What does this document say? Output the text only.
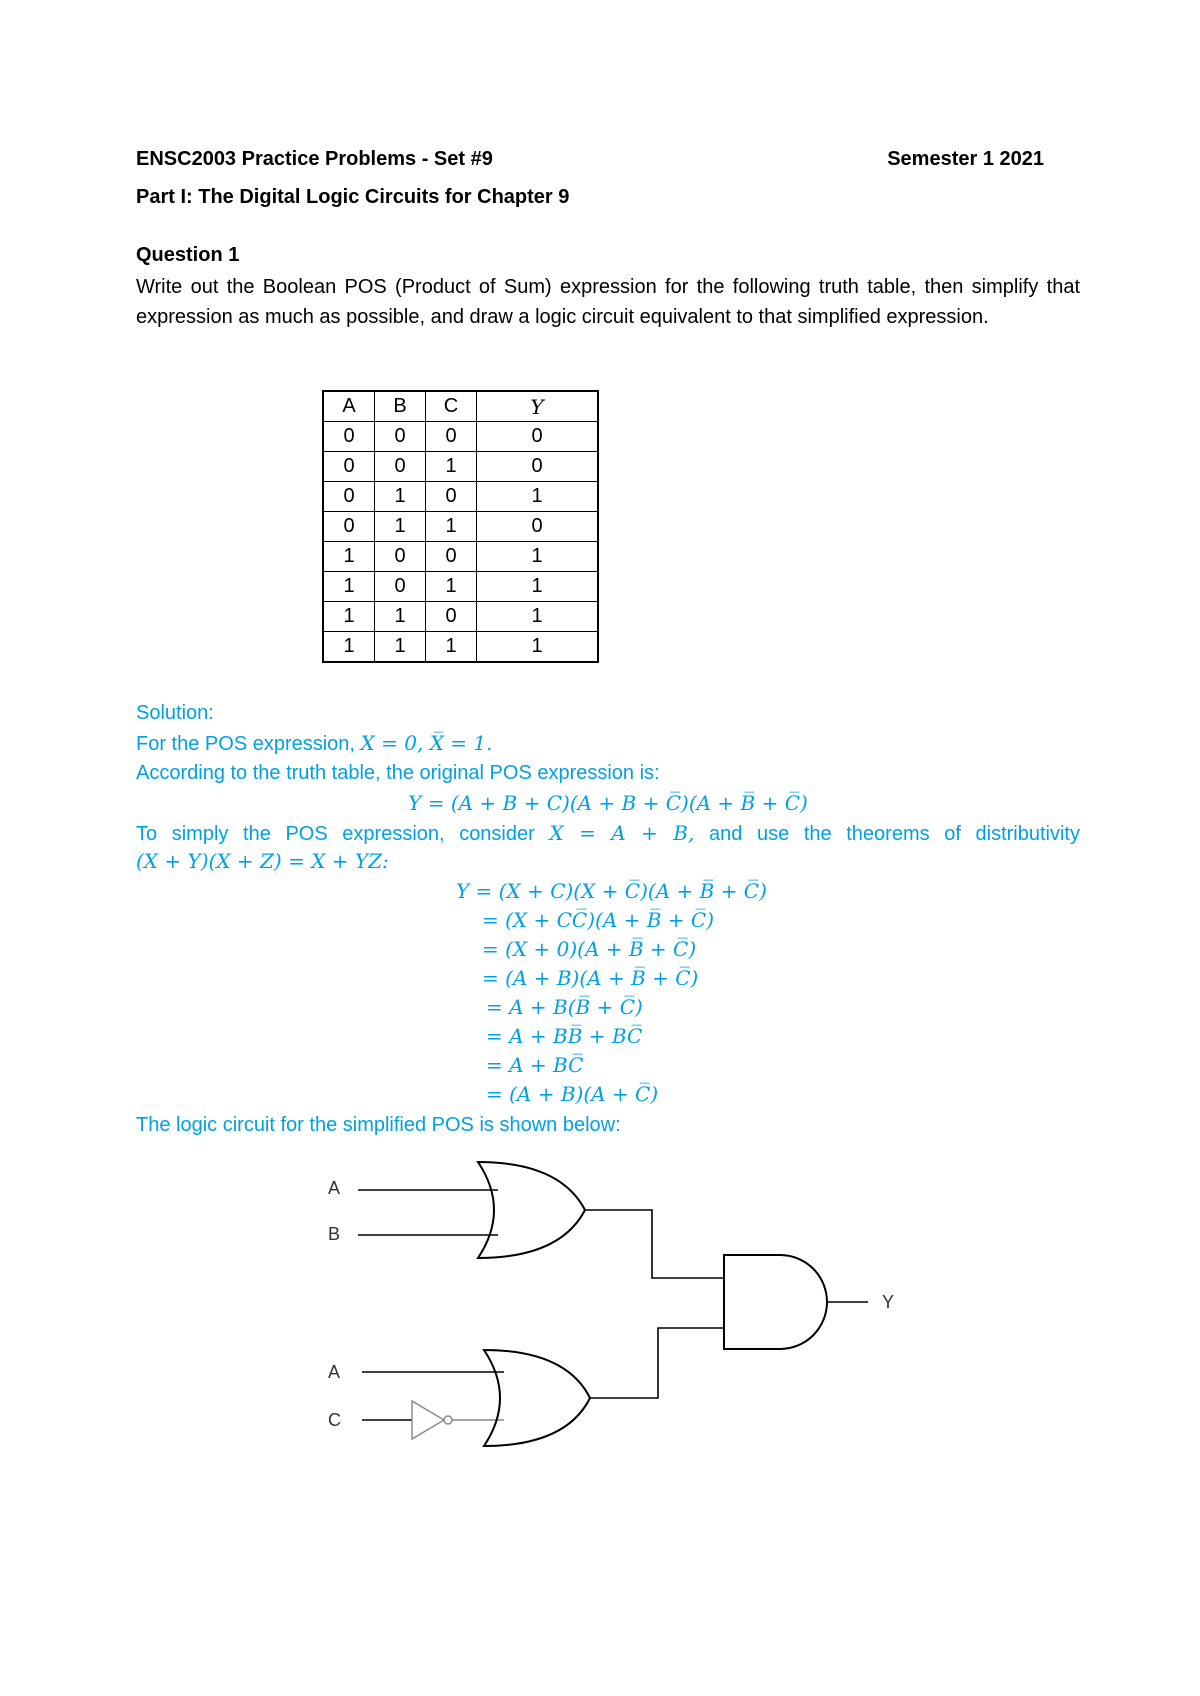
ENSC2003 Practice Problems - Set #9	Semester 1 2021
Part I: The Digital Logic Circuits for Chapter 9
Question 1
Write out the Boolean POS (Product of Sum) expression for the following truth table, then simplify that expression as much as possible, and draw a logic circuit equivalent to that simplified expression.
A	B	C	Y
0	0	0	0
0	0	1	0
0	1	0	1
0	1	1	0
1	0	0	1
1	0	1	1
1	1	0	1
1	1	1	1
Solution:
For the POS expression, X = 0, X̅ = 1.
According to the truth table, the original POS expression is:
Y = (A + B + C)(A + B + C̅)(A + B̅ + C̅)
To simply the POS expression, consider X = A + B, and use the theorems of distributivity
(X + Y)(X + Z) = X + YZ:
Y = (X + C)(X + C̅)(A + B̅ + C̅)
= (X + CC̅)(A + B̅ + C̅)
= (X + 0)(A + B̅ + C̅)
= (A + B)(A + B̅ + C̅)
= A + B(B̅ + C̅)
= A + BB̅ + BC̅
= A + BC̅
= (A + B)(A + C̅)
The logic circuit for the simplified POS is shown below:
A
B
A
C
Y
